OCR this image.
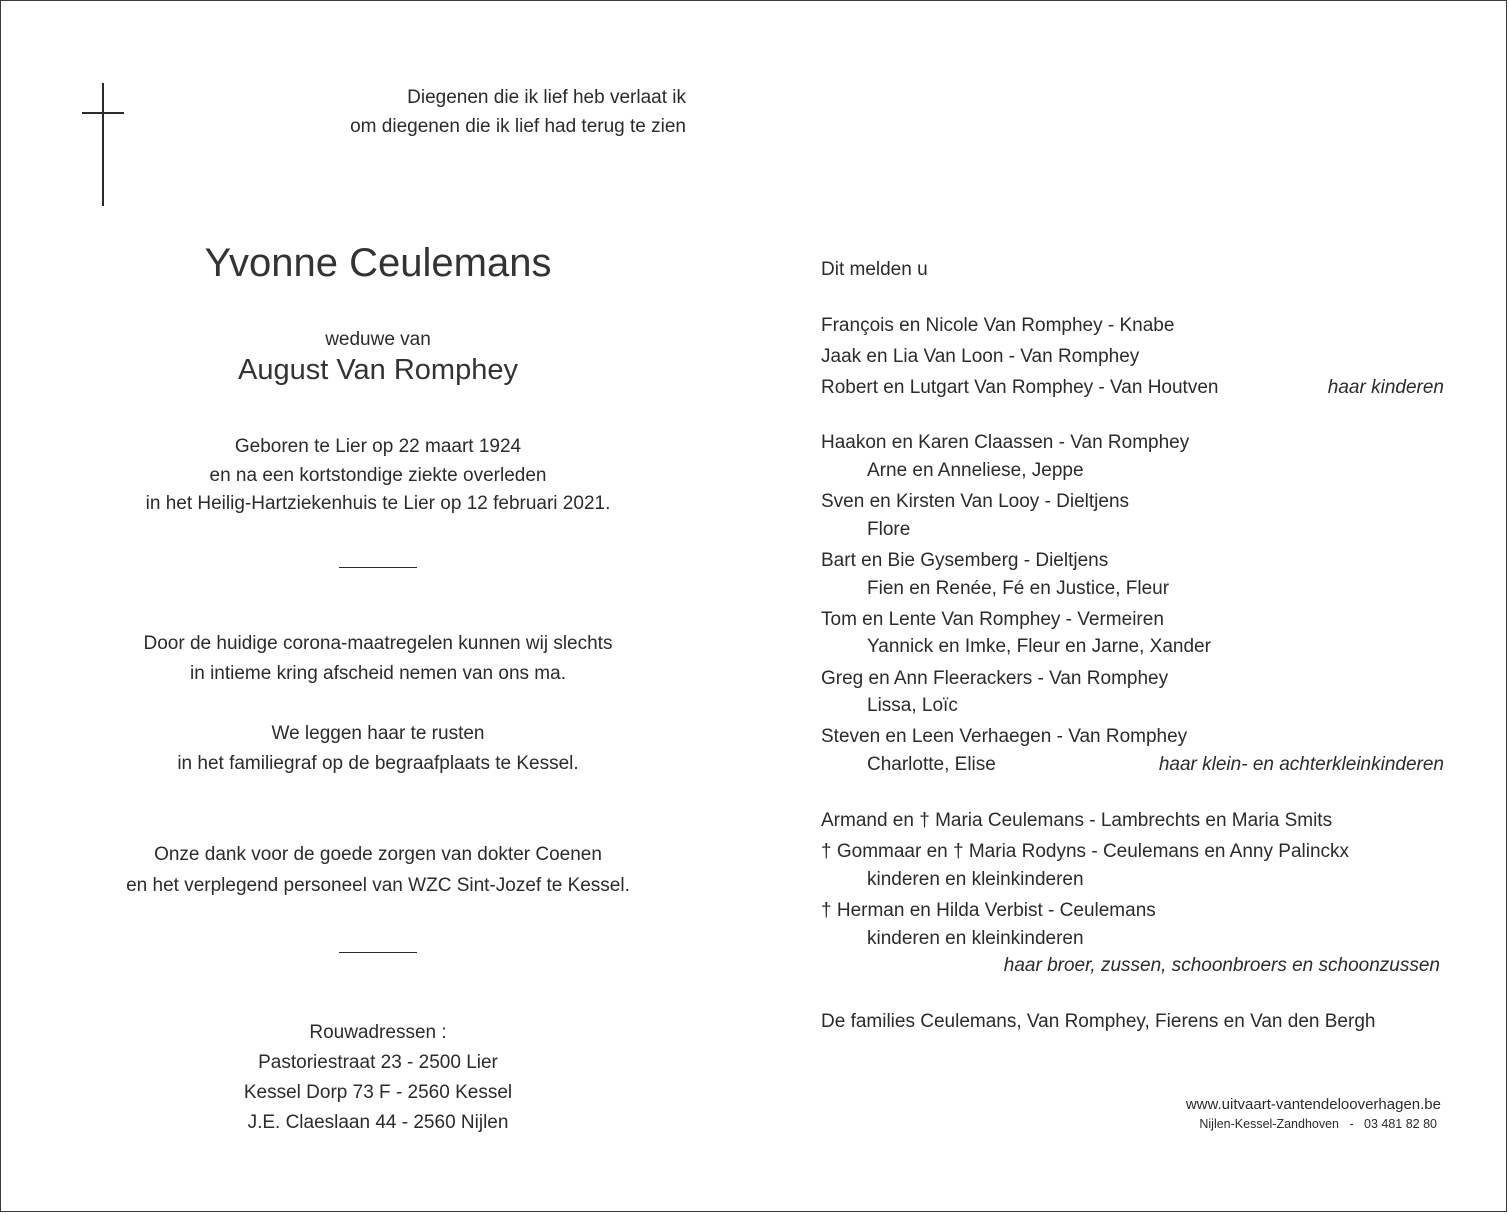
Diegenen die ik lief heb verlaat ik
om diegenen die ik lief had terug te zien
Yvonne Ceulemans
weduwe van
August Van Romphey
Geboren te Lier op 22 maart 1924
en na een kortstondige ziekte overleden
in het Heilig-Hartziekenhuis te Lier op 12 februari 2021.
Door de huidige corona-maatregelen kunnen wij slechts
in intieme kring afscheid nemen van ons ma.
We leggen haar te rusten
in het familiegraf op de begraafplaats te Kessel.
Onze dank voor de goede zorgen van dokter Coenen
en het verplegend personeel van WZC Sint-Jozef te Kessel.
Rouwadressen :
Pastoriestraat 23 - 2500 Lier
Kessel Dorp 73 F - 2560 Kessel
J.E. Claeslaan 44 - 2560 Nijlen
Dit melden u
François en Nicole Van Romphey - Knabe
Jaak en Lia Van Loon - Van Romphey
Robert en Lutgart Van Romphey - Van Houtven	haar kinderen
Haakon en Karen Claassen - Van Romphey
Arne en Anneliese, Jeppe
Sven en Kirsten Van Looy - Dieltjens
Flore
Bart en Bie Gysemberg - Dieltjens
Fien en Renée, Fé en Justice, Fleur
Tom en Lente Van Romphey - Vermeiren
Yannick en Imke, Fleur en Jarne, Xander
Greg en Ann Fleerackers - Van Romphey
Lissa, Loïc
Steven en Leen Verhaegen - Van Romphey
Charlotte, Elise	haar klein- en achterkleinkinderen
Armand en † Maria Ceulemans - Lambrechts en Maria Smits
† Gommaar en † Maria Rodyns - Ceulemans en Anny Palinckx
kinderen en kleinkinderen
† Herman en Hilda Verbist - Ceulemans
kinderen en kleinkinderen
haar broer, zussen, schoonbroers en schoonzussen
De families Ceulemans, Van Romphey, Fierens en Van den Bergh
www.uitvaart-vantendelooverhagen.be
Nijlen-Kessel-Zandhoven   -   03 481 82 80
